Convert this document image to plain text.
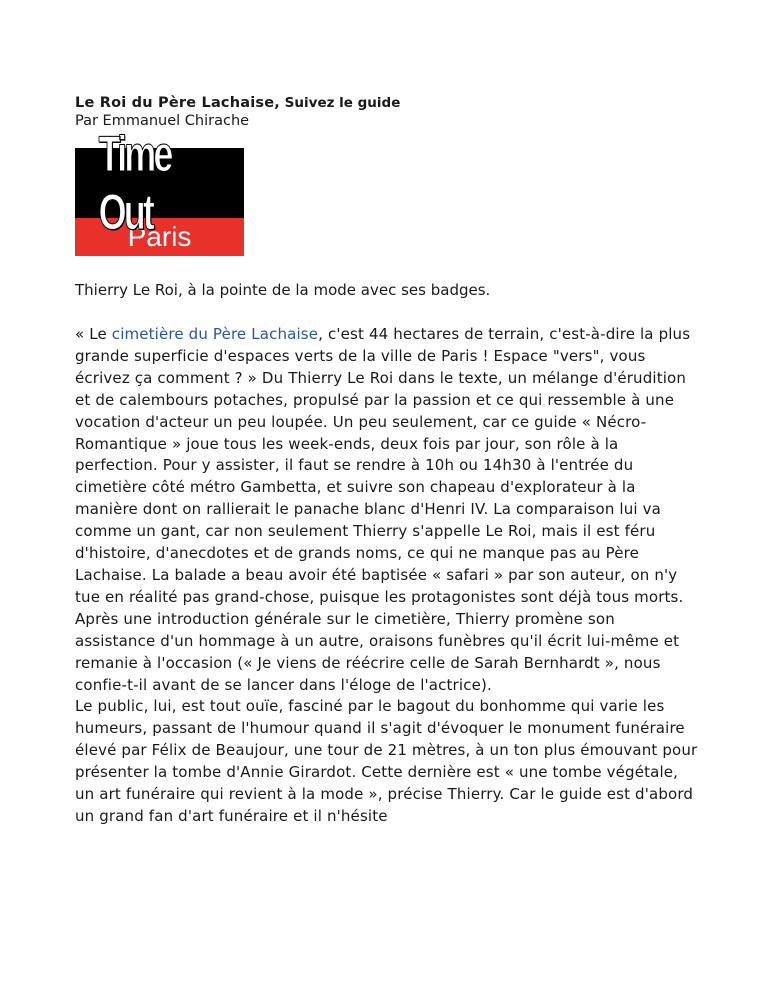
Le Roi du Père Lachaise, Suivez le guide

Par Emmanuel Chirache

Time Out
Paris

Thierry Le Roi, à la pointe de la mode avec ses badges.

« Le cimetière du Père Lachaise, c'est 44 hectares de terrain, c'est-à-dire la plus grande superficie d'espaces verts de la ville de Paris ! Espace "vers", vous écrivez ça comment ? » Du Thierry Le Roi dans le texte, un mélange d'érudition et de calembours potaches, propulsé par la passion et ce qui ressemble à une vocation d'acteur un peu loupée. Un peu seulement, car ce guide « Nécro-Romantique » joue tous les week-ends, deux fois par jour, son rôle à la perfection. Pour y assister, il faut se rendre à 10h ou 14h30 à l'entrée du cimetière côté métro Gambetta, et suivre son chapeau d'explorateur à la manière dont on rallierait le panache blanc d'Henri IV. La comparaison lui va comme un gant, car non seulement Thierry s'appelle Le Roi, mais il est féru d'histoire, d'anecdotes et de grands noms, ce qui ne manque pas au Père Lachaise. La balade a beau avoir été baptisée « safari » par son auteur, on n'y tue en réalité pas grand-chose, puisque les protagonistes sont déjà tous morts. Après une introduction générale sur le cimetière, Thierry promène son assistance d'un hommage à un autre, oraisons funèbres qu'il écrit lui-même et remanie à l'occasion (« Je viens de réécrire celle de Sarah Bernhardt », nous confie-t-il avant de se lancer dans l'éloge de l'actrice).

Le public, lui, est tout ouïe, fasciné par le bagout du bonhomme qui varie les humeurs, passant de l'humour quand il s'agit d'évoquer le monument funéraire élevé par Félix de Beaujour, une tour de 21 mètres, à un ton plus émouvant pour présenter la tombe d'Annie Girardot. Cette dernière est « une tombe végétale, un art funéraire qui revient à la mode », précise Thierry. Car le guide est d'abord un grand fan d'art funéraire et il n'hésite
